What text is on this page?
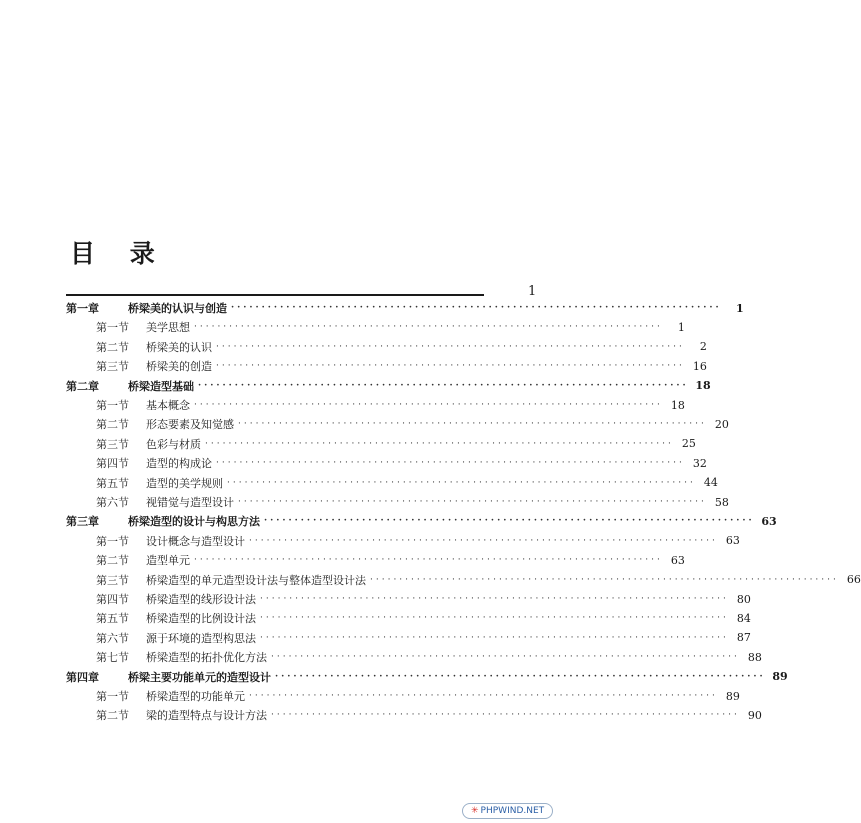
目 录
1
第一章	桥梁美的认识与创造 ················································································	1
第一节	美学思想 ················································································	1
第二节	桥梁美的认识 ················································································	2
第三节	桥梁美的创造 ················································································ 16
第二章	桥梁造型基础 ················································································ 18
第一节	基本概念 ················································································ 18
第二节	形态要素及知觉感 ················································································ 20
第三节	色彩与材质 ················································································ 25
第四节	造型的构成论 ················································································ 32
第五节	造型的美学规则 ················································································ 44
第六节	视错觉与造型设计 ················································································ 58
第三章	桥梁造型的设计与构思方法 ················································································ 63
第一节	设计概念与造型设计 ················································································ 63
第二节	造型单元 ················································································ 63
第三节	桥梁造型的单元造型设计法与整体造型设计法 ················································································ 66
第四节	桥梁造型的线形设计法 ················································································ 80
第五节	桥梁造型的比例设计法 ················································································ 84
第六节	源于环境的造型构思法 ················································································ 87
第七节	桥梁造型的拓扑优化方法 ················································································ 88
第四章	桥梁主要功能单元的造型设计 ················································································ 89
第一节	桥梁造型的功能单元 ················································································ 89
第二节	梁的造型特点与设计方法 ················································································ 90
✳ PHPWIND.NET
